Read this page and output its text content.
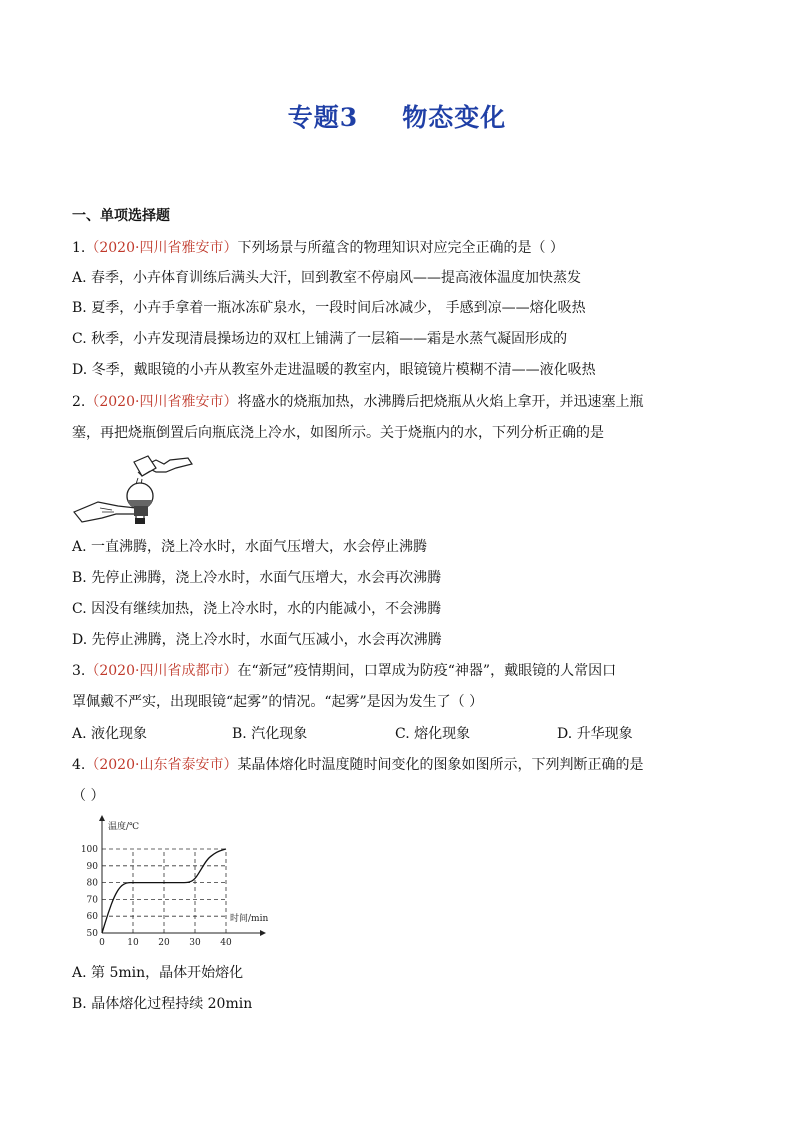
专题3 物态变化
一、单项选择题
1.（2020·四川省雅安市）下列场景与所蕴含的物理知识对应完全正确的是（ ）
A. 春季，小卉体育训练后满头大汗，回到教室不停扇风——提高液体温度加快蒸发
B. 夏季，小卉手拿着一瓶冰冻矿泉水，一段时间后冰减少， 手感到凉——熔化吸热
C. 秋季，小卉发现清晨操场边的双杠上铺满了一层箱——霜是水蒸气凝固形成的
D. 冬季，戴眼镜的小卉从教室外走进温暖的教室内，眼镜镜片模糊不清——液化吸热
2.（2020·四川省雅安市）将盛水的烧瓶加热，水沸腾后把烧瓶从火焰上拿开，并迅速塞上瓶
塞，再把烧瓶倒置后向瓶底浇上冷水，如图所示。关于烧瓶内的水，下列分析正确的是
A. 一直沸腾，浇上冷水时，水面气压增大，水会停止沸腾
B. 先停止沸腾，浇上冷水时，水面气压增大，水会再次沸腾
C. 因没有继续加热，浇上冷水时，水的内能减小，不会沸腾
D. 先停止沸腾，浇上冷水时，水面气压减小，水会再次沸腾
3.（2020·四川省成都市）在“新冠”疫情期间，口罩成为防疫“神器”，戴眼镜的人常因口
罩佩戴不严实，出现眼镜“起雾”的情况。“起雾”是因为发生了（ ）
A. 液化现象	B. 汽化现象	C. 熔化现象	D. 升华现象
4.（2020·山东省泰安市）某晶体熔化时温度随时间变化的图象如图所示，下列判断正确的是
（ ）
0 10 20 30 40
50
60
70
80
90
100
温度/℃
时间/min
A. 第 5min，晶体开始熔化
B. 晶体熔化过程持续 20min
